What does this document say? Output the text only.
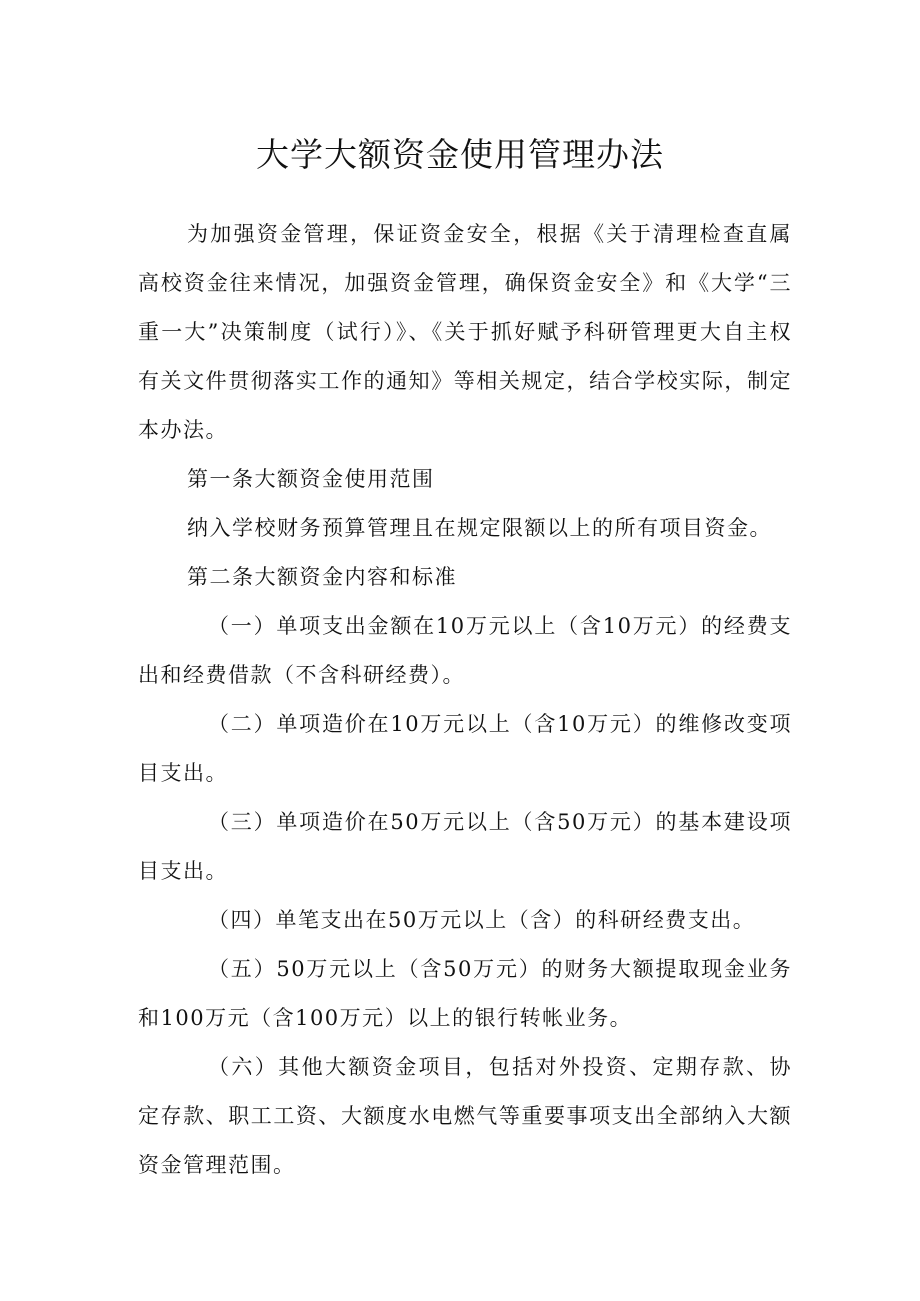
大学大额资金使用管理办法

为加强资金管理，保证资金安全，根据《关于清理检查直属高校资金往来情况，加强资金管理，确保资金安全》和《大学“三重一大”决策制度（试行）》、《关于抓好赋予科研管理更大自主权有关文件贯彻落实工作的通知》等相关规定，结合学校实际，制定本办法。

第一条大额资金使用范围

纳入学校财务预算管理且在规定限额以上的所有项目资金。

第二条大额资金内容和标准

（一）单项支出金额在10万元以上（含10万元）的经费支出和经费借款（不含科研经费）。

（二）单项造价在10万元以上（含10万元）的维修改变项目支出。

（三）单项造价在50万元以上（含50万元）的基本建设项目支出。

（四）单笔支出在50万元以上（含）的科研经费支出。

（五）50万元以上（含50万元）的财务大额提取现金业务和100万元（含100万元）以上的银行转帐业务。

（六）其他大额资金项目，包括对外投资、定期存款、协定存款、职工工资、大额度水电燃气等重要事项支出全部纳入大额资金管理范围。
